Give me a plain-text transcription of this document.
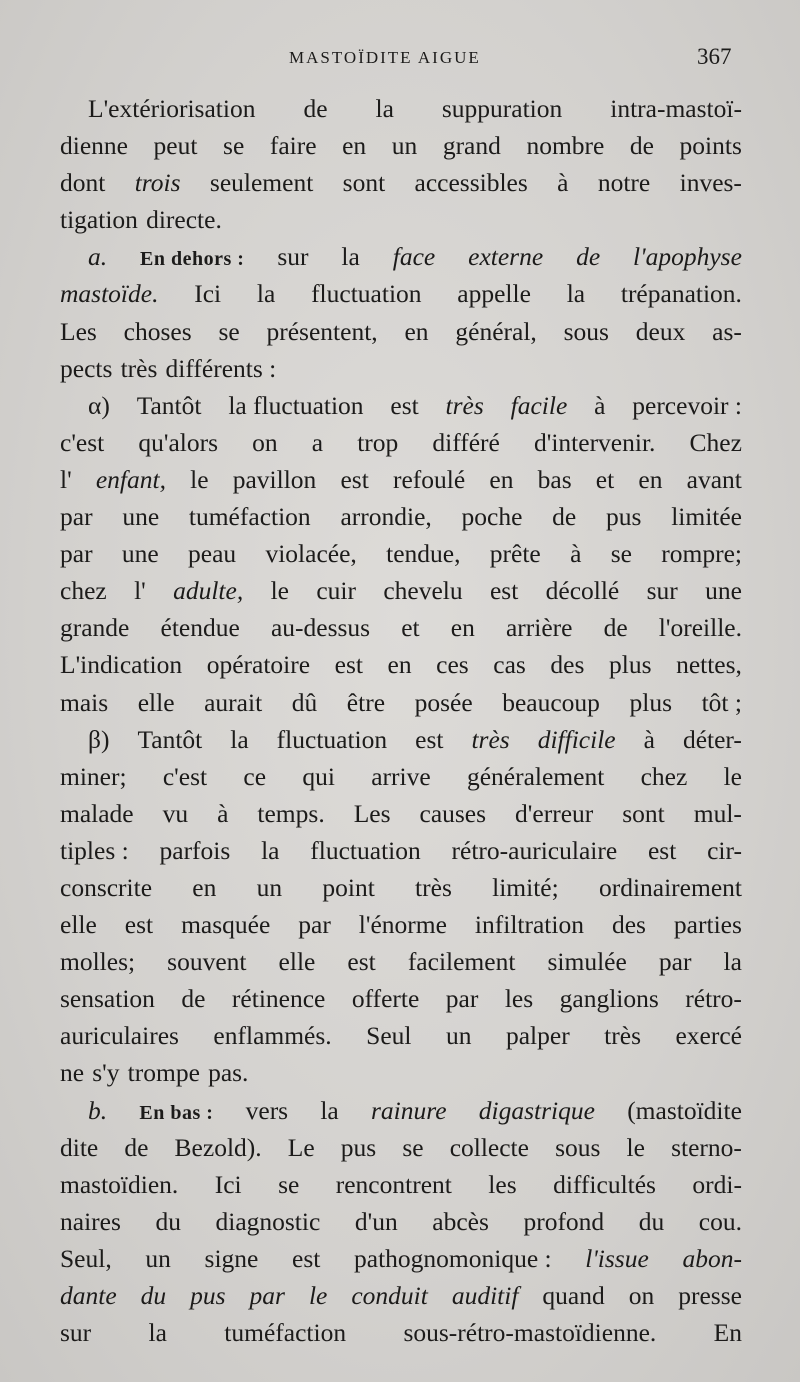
MASTOÏDITE AIGUE	367
L'extériorisation de la suppuration intra-mastoï-
dienne peut se faire en un grand nombre de points
dont trois seulement sont accessibles à notre inves-
tigation directe.
a. En dehors : sur la face externe de l'apophyse
mastoïde. Ici la fluctuation appelle la trépanation.
Les choses se présentent, en général, sous deux as-
pects très différents :
α) Tantôt la fluctuation est très facile à percevoir :
c'est qu'alors on a trop différé d'intervenir. Chez
l' enfant, le pavillon est refoulé en bas et en avant
par une tuméfaction arrondie, poche de pus limitée
par une peau violacée, tendue, prête à se rompre;
chez l' adulte, le cuir chevelu est décollé sur une
grande étendue au-dessus et en arrière de l'oreille.
L'indication opératoire est en ces cas des plus nettes,
mais elle aurait dû être posée beaucoup plus tôt ;
β) Tantôt la fluctuation est très difficile à déter-
miner; c'est ce qui arrive généralement chez le
malade vu à temps. Les causes d'erreur sont mul-
tiples : parfois la fluctuation rétro-auriculaire est cir-
conscrite en un point très limité; ordinairement
elle est masquée par l'énorme infiltration des parties
molles; souvent elle est facilement simulée par la
sensation de rétinence offerte par les ganglions rétro-
auriculaires enflammés. Seul un palper très exercé
ne s'y trompe pas.
b. En bas : vers la rainure digastrique (mastoïdite
dite de Bezold). Le pus se collecte sous le sterno-
mastoïdien. Ici se rencontrent les difficultés ordi-
naires du diagnostic d'un abcès profond du cou.
Seul, un signe est pathognomonique : l'issue abon-
dante du pus par le conduit auditif quand on presse
sur la tuméfaction sous-rétro-mastoïdienne. En
